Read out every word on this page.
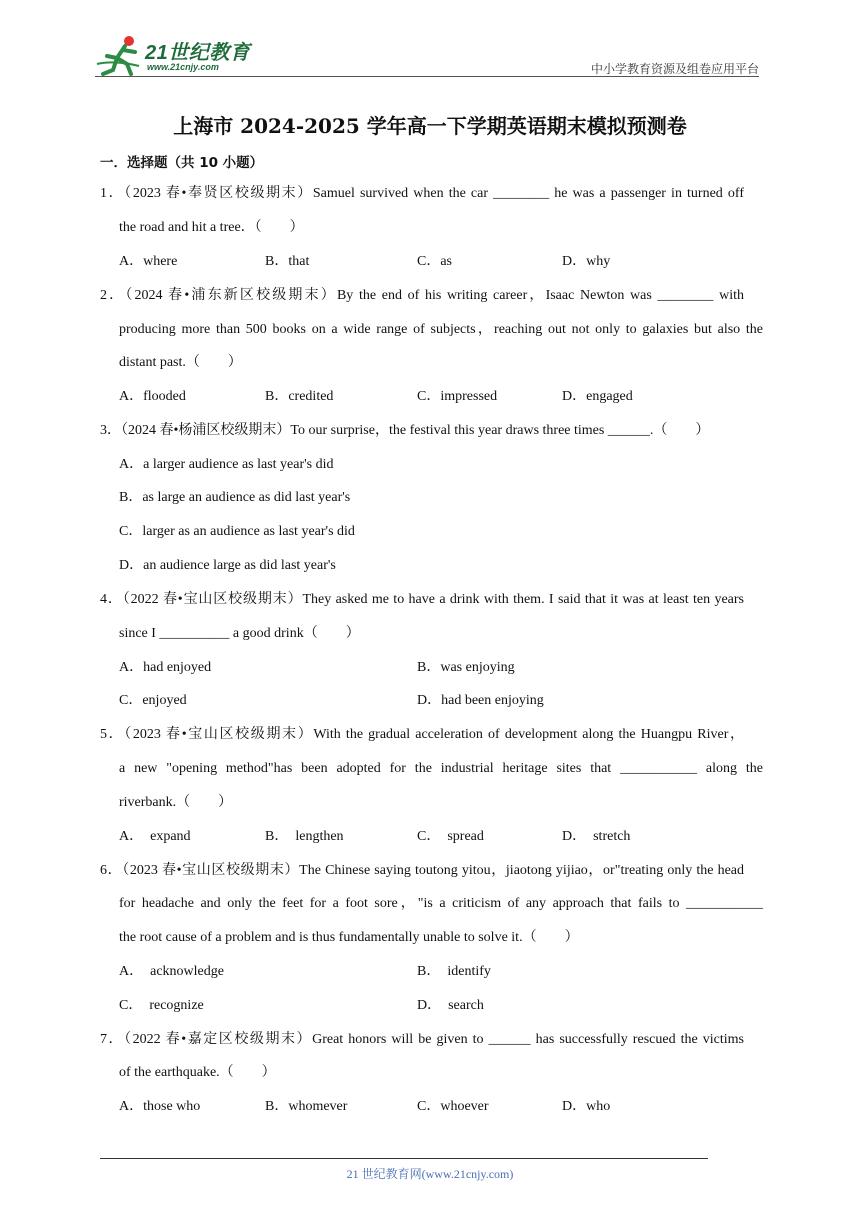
21世纪教育
www.21cnjy.com	中小学教育资源及组卷应用平台
上海市 2024-2025 学年高一下学期英语期末模拟预测卷
一．选择题（共 10 小题）
1．（2023 春•奉贤区校级期末）Samuel survived when the car ________ he was a passenger in turned off
the road and hit a tree．（　　）
A．where	B．that	C．as	D．why
2．（2024 春•浦东新区校级期末）By the end of his writing career，Isaac Newton was ________ with
producing more than 500 books on a wide range of subjects，reaching out not only to galaxies but also the
distant past.（　　）
A．flooded	B．credited	C．impressed	D．engaged
3．（2024 春•杨浦区校级期末）To our surprise，the festival this year draws three times ______.（　　）
A．a larger audience as last year's did
B．as large an audience as did last year's
C．larger as an audience as last year's did
D．an audience large as did last year's
4．（2022 春•宝山区校级期末）They asked me to have a drink with them. I said that it was at least ten years
since I __________ a good drink（　　）
A．had enjoyed	B．was enjoying
C．enjoyed	D．had been enjoying
5．（2023 春•宝山区校级期末）With the gradual acceleration of development along the Huangpu River，
a new "opening method"has been adopted for the industrial heritage sites that ___________ along the
riverbank.（　　）
A．　expand	B．　lengthen	C．　spread	D．　stretch
6．（2023 春•宝山区校级期末）The Chinese saying toutong yitou，jiaotong yijiao，or"treating only the head
for headache and only the feet for a foot sore，"is a criticism of any approach that fails to ___________
the root cause of a problem and is thus fundamentally unable to solve it.（　　）
A．　acknowledge	B．　identify
C．　recognize	D．　search
7．（2022 春•嘉定区校级期末）Great honors will be given to ______ has successfully rescued the victims
of the earthquake.（　　）
A．those who	B．whomever	C．whoever	D．who
21 世纪教育网(www.21cnjy.com)
